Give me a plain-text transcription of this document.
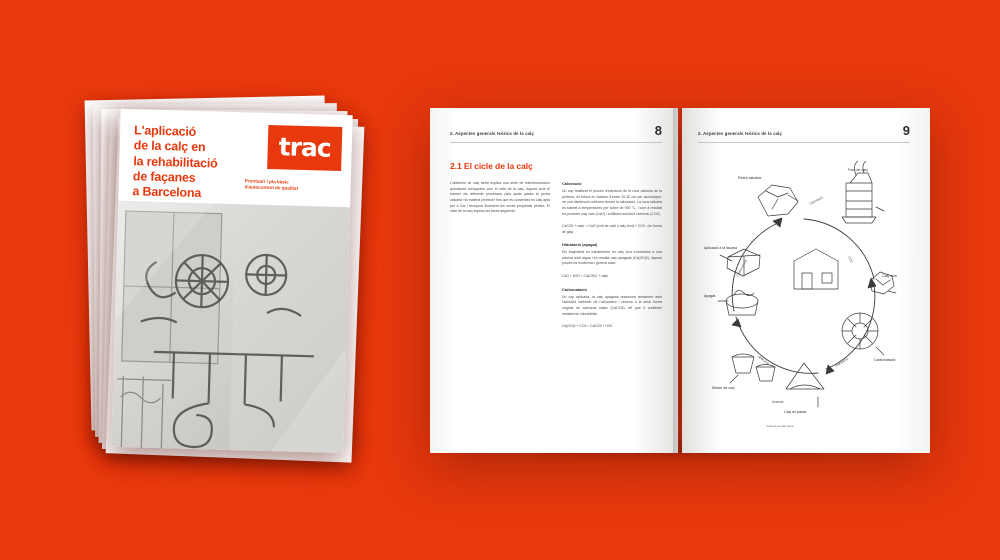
L'aplicació
de la calç en
la rehabilitació
de façanes
a Barcelona
trac
Prontuari i pla bàsic
d'autocontrol de qualitat
2. Aspectes generals teòrics de la calç	8
2.1 El cicle de la calç

L'obtenció de calç aèria implica una sèrie de transformacions químiques conegudes com el cicle de la calç. Aquest cicle el formen els diferents processos pels quals passa la pedra calcària «la matèria primera» fins que es converteix en calç apta per a l'ús i recupera finalment les seves propietats pètries. El cicle de la calç implica les fases següents:

Calcinació

Un cop finalitzat el procés d'extracció de la roca calcària de la pedrera, es tritura en trossos d'entre 10-30 cm per aconseguir-ne una distribució uniforme durant la calcinació. La roca calcària es sotmet a temperatures per sobre de 900 °C, i com a resultat es produeix calç viva (CaO) i s'allibera anhídrid carbònic (CO2).

CaCO3 + calor = CaO (òxid de calci o calç viva) + CO2↑ (en forma de gas)

Hidratació (apagat)

Els fragments es transformen en calç viva s'obtindran a una piscina amb aigua i en resulta calç apagada (Ca(OH)2). Aquest procés és exotèrmic i genera calor.

CaO + H2O = Ca(OH)2 + calor

Carbonatació

Un cop aplicada, la calç apagada reacciona lentament amb l'anhídrid carbònic de l'atmosfera i retorna a la seva forma original de carbonat càlcic (CaCO3), fet que li confereix resistència i durabilitat.

Ca(OH)2 + CO2 = CaCO3 + H2O

2. Aspectes generals teòrics de la calç	9
Pedra calcària
Forn de calç
Calç viva
Carbonatació
Calç en pasta
Morter de calç
Apagat
Aplicació a la façana
Calcinació
CO2
Hidratació
Aplicació
Carbonatació
Assecat
Cicle de la calç aèria
